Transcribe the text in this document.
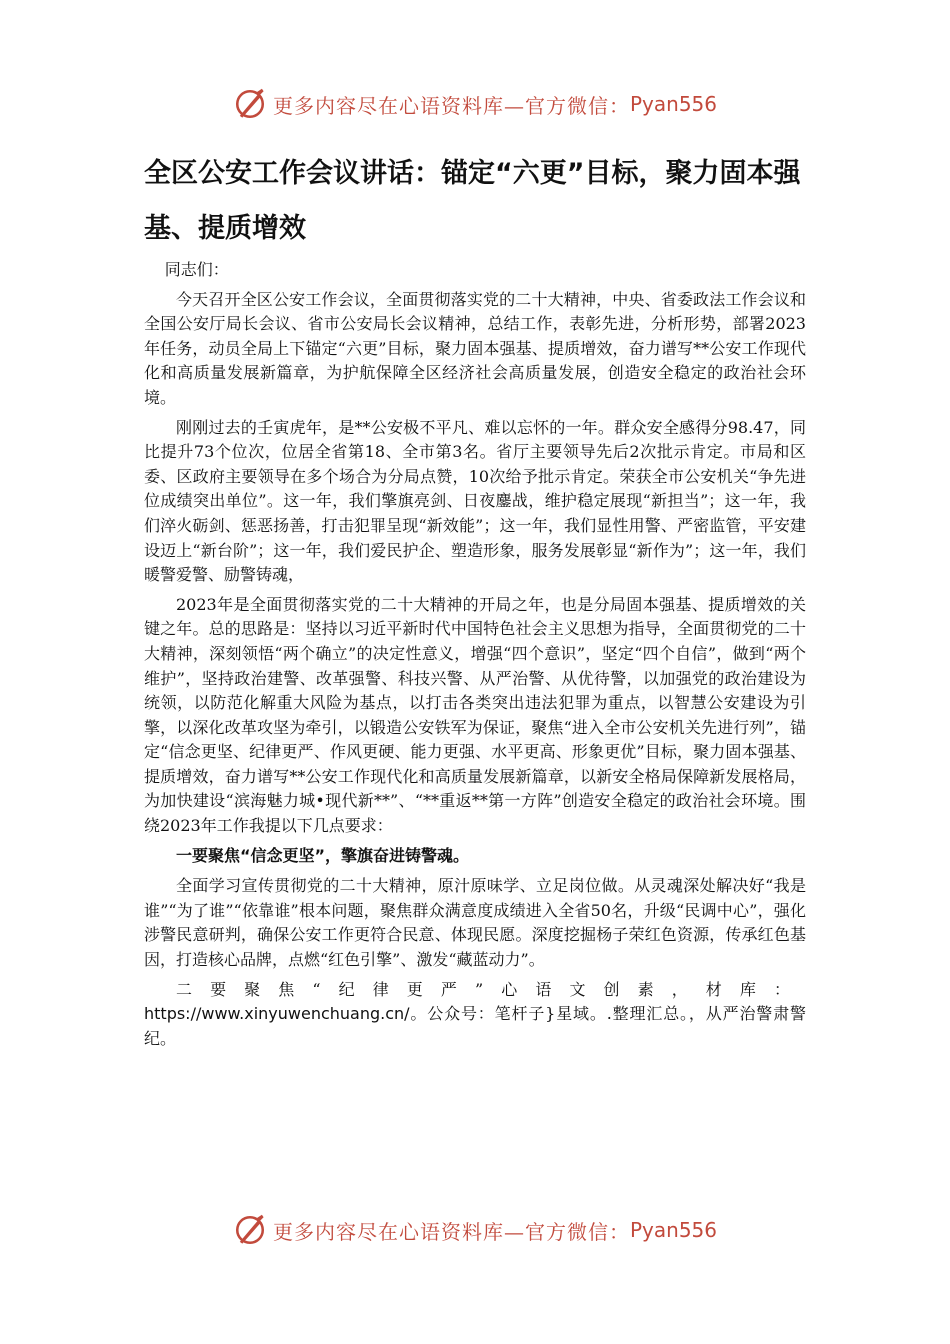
更多内容尽在心语资料库—官方微信： Pyan556
全区公安工作会议讲话：锚定“六更”目标，聚力固本强基、提质增效

同志们：

今天召开全区公安工作会议，全面贯彻落实党的二十大精神，中央、省委政法工作会议和全国公安厅局长会议、省市公安局长会议精神，总结工作，表彰先进，分析形势，部署2023年任务，动员全局上下锚定“六更”目标，聚力固本强基、提质增效，奋力谱写**公安工作现代化和高质量发展新篇章，为护航保障全区经济社会高质量发展，创造安全稳定的政治社会环境。

刚刚过去的壬寅虎年，是**公安极不平凡、难以忘怀的一年。群众安全感得分98.47，同比提升73个位次，位居全省第18、全市第3名。省厅主要领导先后2次批示肯定。市局和区委、区政府主要领导在多个场合为分局点赞，10次给予批示肯定。荣获全市公安机关“争先进位成绩突出单位”。这一年，我们擎旗亮剑、日夜鏖战，维护稳定展现“新担当”；这一年，我们淬火砺剑、惩恶扬善，打击犯罪呈现“新效能”；这一年，我们显性用警、严密监管，平安建设迈上“新台阶”；这一年，我们爱民护企、塑造形象，服务发展彰显“新作为”；这一年，我们暖警爱警、励警铸魂，

2023年是全面贯彻落实党的二十大精神的开局之年，也是分局固本强基、提质增效的关键之年。总的思路是：坚持以习近平新时代中国特色社会主义思想为指导，全面贯彻党的二十大精神，深刻领悟“两个确立”的决定性意义，增强“四个意识”，坚定“四个自信”，做到“两个维护”，坚持政治建警、改革强警、科技兴警、从严治警、从优待警，以加强党的政治建设为统领，以防范化解重大风险为基点，以打击各类突出违法犯罪为重点，以智慧公安建设为引擎，以深化改革攻坚为牵引，以锻造公安铁军为保证，聚焦“进入全市公安机关先进行列”，锚定“信念更坚、纪律更严、作风更硬、能力更强、水平更高、形象更优”目标，聚力固本强基、提质增效，奋力谱写**公安工作现代化和高质量发展新篇章，以新安全格局保障新发展格局，为加快建设“滨海魅力城•现代新**”、“**重返**第一方阵”创造安全稳定的政治社会环境。围绕2023年工作我提以下几点要求：

一要聚焦“信念更坚”，擎旗奋进铸警魂。

全面学习宣传贯彻党的二十大精神，原汁原味学、立足岗位做。从灵魂深处解决好“我是谁”“为了谁”“依靠谁”根本问题，聚焦群众满意度成绩进入全省50名，升级“民调中心”，强化涉警民意研判，确保公安工作更符合民意、体现民愿。深度挖掘杨子荣红色资源，传承红色基因，打造核心品牌，点燃“红色引擎”、激发“藏蓝动力”。

二要聚焦“纪律更严”心语文创素，材库：https://www.xinyuwenchuang.cn/。公众号：笔杆子}星域。.整理汇总。，从严治警肃警纪。

更多内容尽在心语资料库—官方微信： Pyan556
